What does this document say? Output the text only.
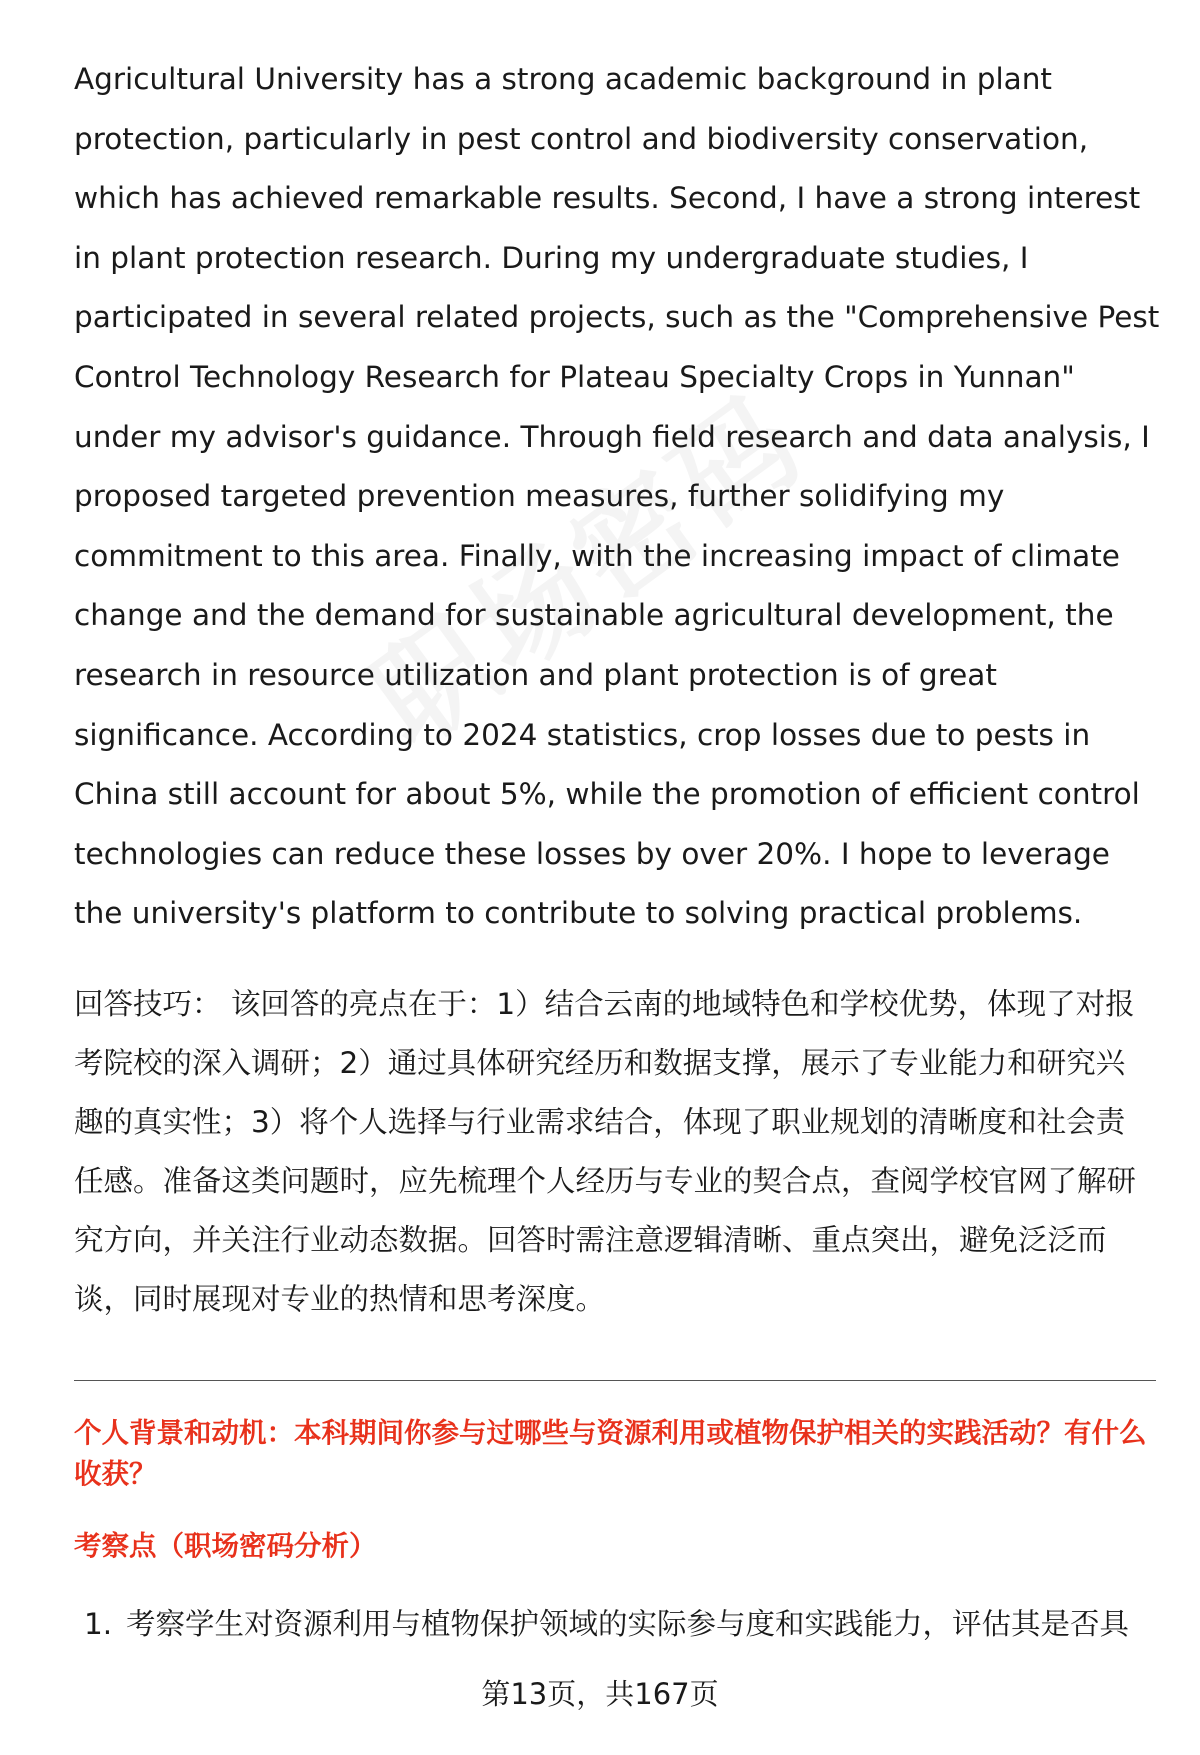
Agricultural University has a strong academic background in plant protection, particularly in pest control and biodiversity conservation, which has achieved remarkable results. Second, I have a strong interest in plant protection research. During my undergraduate studies, I participated in several related projects, such as the "Comprehensive Pest Control Technology Research for Plateau Specialty Crops in Yunnan" under my advisor's guidance. Through field research and data analysis, I proposed targeted prevention measures, further solidifying my commitment to this area. Finally, with the increasing impact of climate change and the demand for sustainable agricultural development, the research in resource utilization and plant protection is of great significance. According to 2024 statistics, crop losses due to pests in China still account for about 5%, while the promotion of efficient control technologies can reduce these losses by over 20%. I hope to leverage the university's platform to contribute to solving practical problems.

回答技巧： 该回答的亮点在于：1）结合云南的地域特色和学校优势，体现了对报考院校的深入调研；2）通过具体研究经历和数据支撑，展示了专业能力和研究兴趣的真实性；3）将个人选择与行业需求结合，体现了职业规划的清晰度和社会责任感。准备这类问题时，应先梳理个人经历与专业的契合点，查阅学校官网了解研究方向，并关注行业动态数据。回答时需注意逻辑清晰、重点突出，避免泛泛而谈，同时展现对专业的热情和思考深度。

个人背景和动机：本科期间你参与过哪些与资源利用或植物保护相关的实践活动？有什么收获？
考察点（职场密码分析）
1. 考察学生对资源利用与植物保护领域的实际参与度和实践能力，评估其是否具
第13页，共167页
